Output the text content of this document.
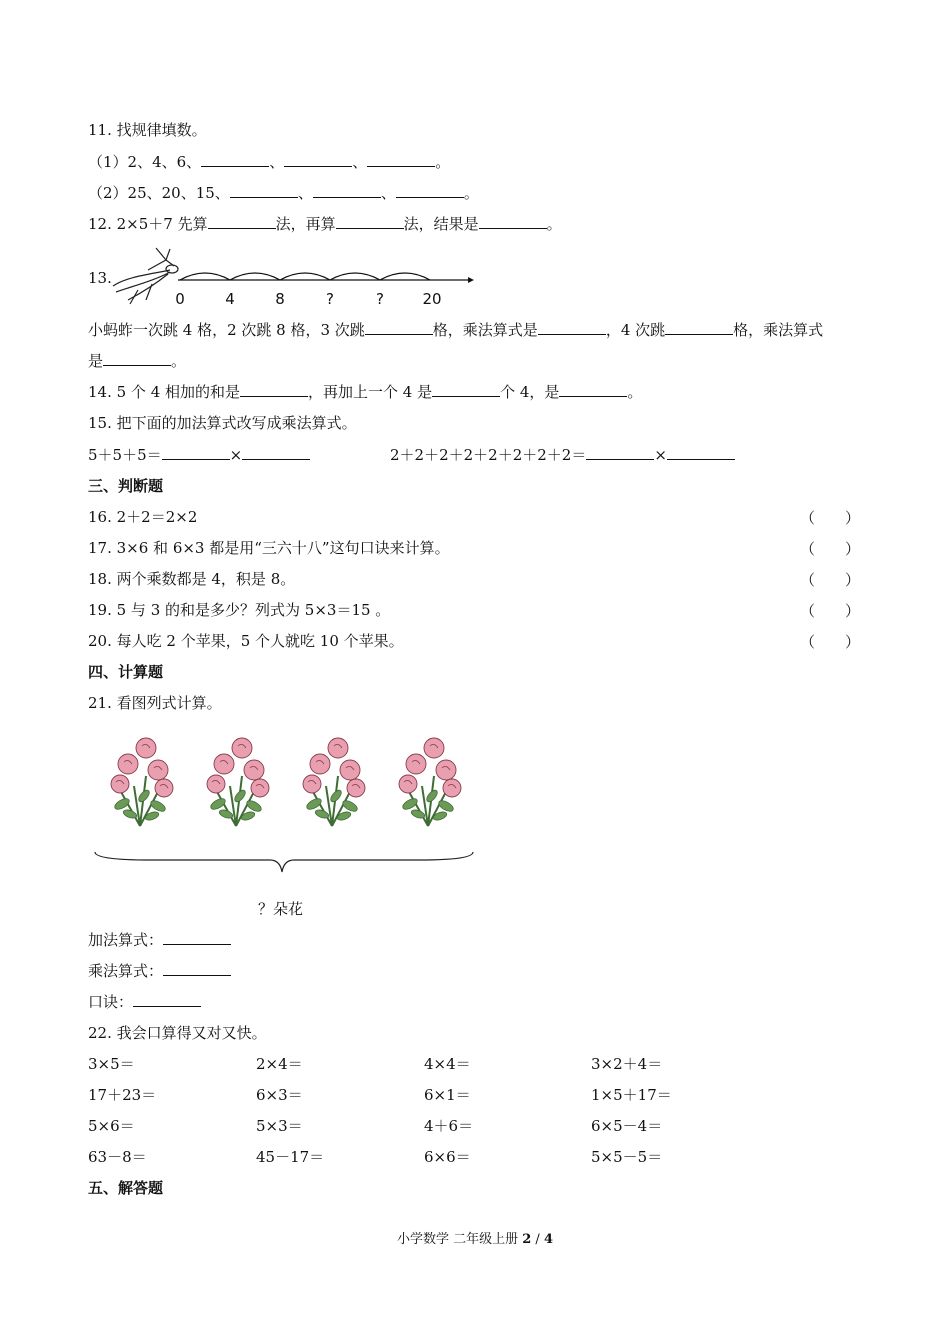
11. 找规律填数。
（1）2、4、6、	、	、	。
（2）25、20、15、	、	、	。
12. 2×5＋7 先算	法，再算	法，结果是	。
13.
0	4	8	?	?	20
小蚂蚱一次跳 4 格，2 次跳 8 格，3 次跳	格，乘法算式是	，4 次跳	格，乘法算式
是	。
14. 5 个 4 相加的和是	，再加上一个 4 是	个 4，是	。
15. 把下面的加法算式改写成乘法算式。
5＋5＋5＝	×	2＋2＋2＋2＋2＋2＋2＋2＝	×
三、判断题
16. 2＋2＝2×2	（　　）
17. 3×6 和 6×3 都是用“三六十八”这句口诀来计算。	（　　）
18. 两个乘数都是 4，积是 8。	（　　）
19. 5 与 3 的和是多少？列式为 5×3＝15 。	（　　）
20. 每人吃 2 个苹果，5 个人就吃 10 个苹果。	（　　）
四、计算题
21. 看图列式计算。
？朵花
加法算式：
乘法算式：
口诀：
22. 我会口算得又对又快。
3×5＝	2×4＝	4×4＝	3×2＋4＝
17＋23＝	6×3＝	6×1＝	1×5＋17＝
5×6＝	5×3＝	4＋6＝	6×5－4＝
63－8＝	45－17＝	6×6＝	5×5－5＝
五、解答题
小学数学 二年级上册 2 / 4
